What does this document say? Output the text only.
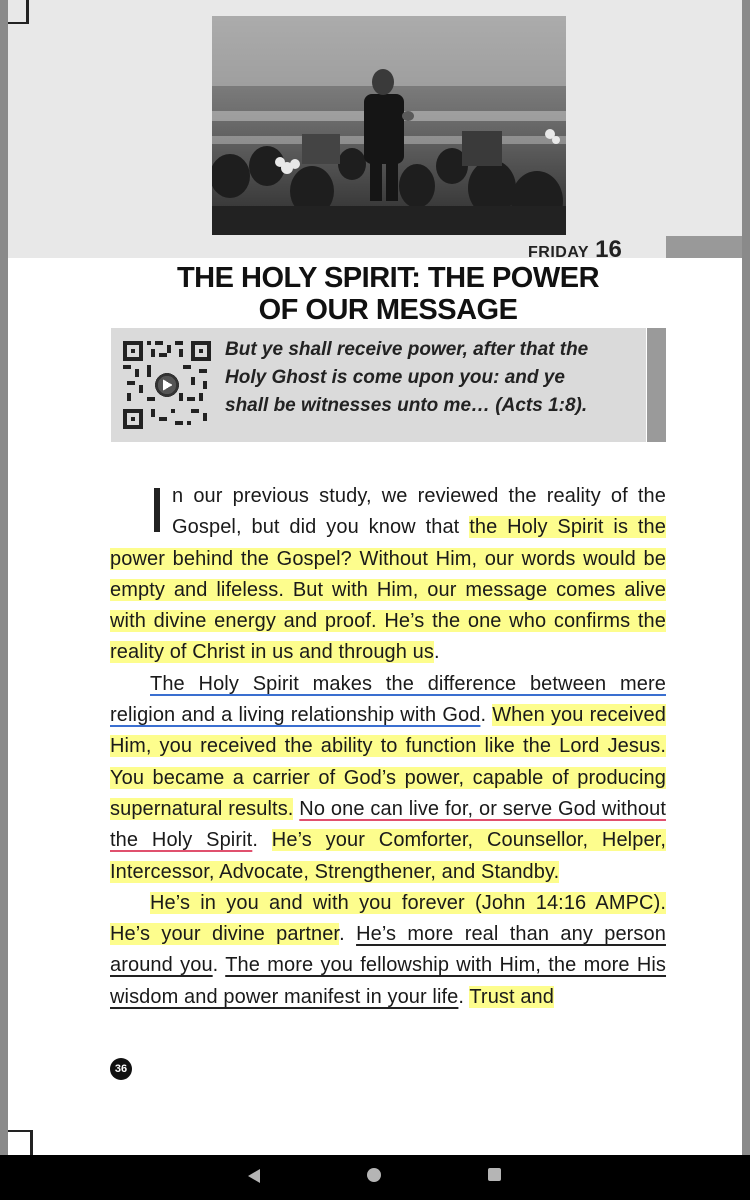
FRIDAY 16
THE HOLY SPIRIT: THE POWER
OF OUR MESSAGE
But ye shall receive power, after that the
Holy Ghost is come upon you: and ye
shall be witnesses unto me… (Acts 1:8).

n our previous study, we reviewed the reality of the Gospel, but did you know that the Holy Spirit is the power behind the Gospel? Without Him, our words would be empty and lifeless. But with Him, our message comes alive with divine energy and proof. He’s the one who confirms the reality of Christ in us and through us.

The Holy Spirit makes the difference between mere religion and a living relationship with God. When you received Him, you received the ability to function like the Lord Jesus. You became a carrier of God’s power, capable of producing supernatural results. No one can live for, or serve God without the Holy Spirit. He’s your Comforter, Counsellor, Helper, Intercessor, Advocate, Strengthener, and Standby.

He’s in you and with you forever (John 14:16 AMPC). He’s your divine partner. He’s more real than any person around you. The more you fellowship with Him, the more His wisdom and power manifest in your life. Trust and

36
